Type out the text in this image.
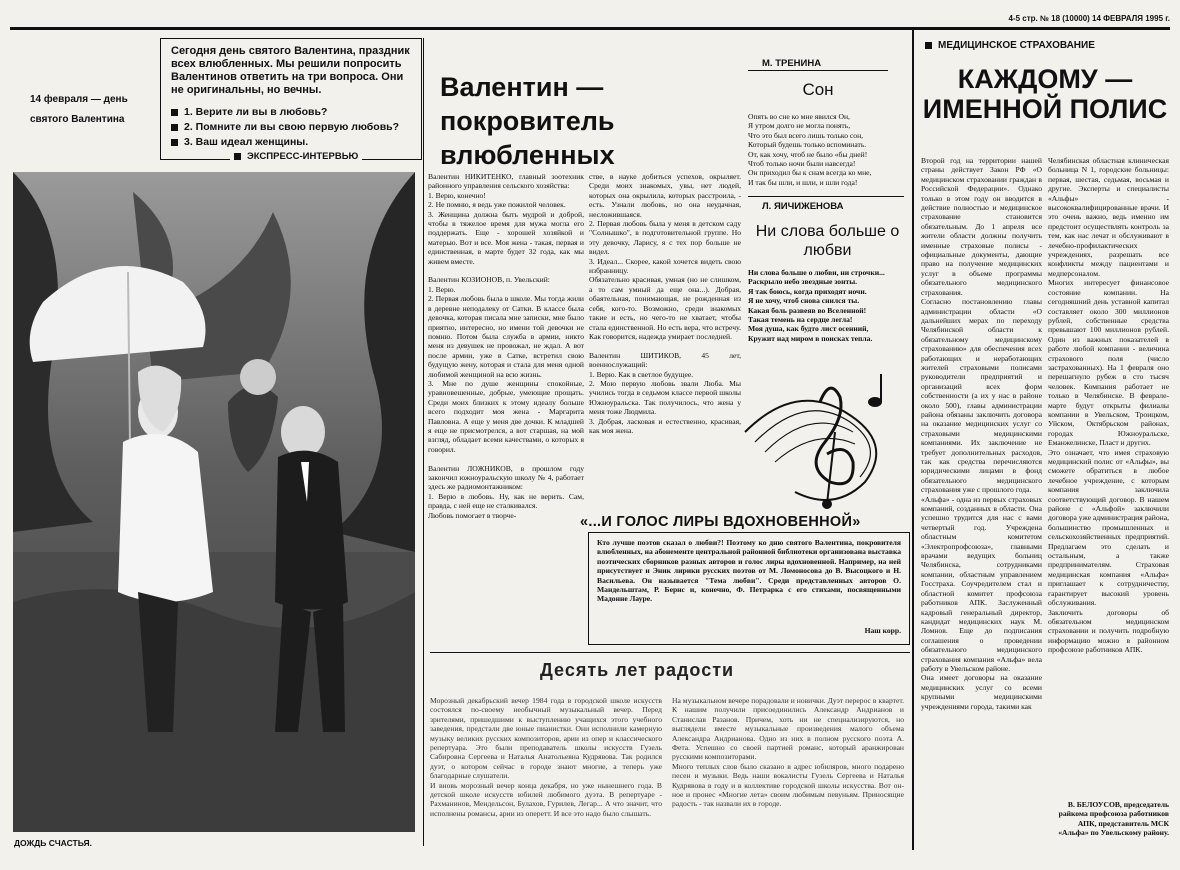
4-5 стр. № 18 (10000) 14 ФЕВРАЛЯ 1995 г.
Сегодня день святого Валентина, праздник всех влюбленных. Мы решили попросить Валентинов ответить на три вопроса. Они не оригинальны, но вечны.
1. Верите ли вы в любовь?
2. Помните ли вы свою первую любовь?
3. Ваш идеал женщины.
ЭКСПРЕСС-ИНТЕРВЬЮ
14 февраля — день святого Валентина
ДОЖДЬ СЧАСТЬЯ.
Валентин — покровитель влюбленных
Валентин НИКИТЕНКО, главный зоотехник районного управления сельского хозяйства:
1. Верю, конечно!
2. Не помню, я ведь уже пожилой человек.
3. Женщина должна быть мудрой и доброй, чтобы в тяжелое время для мужа могла его поддержать. Еще - хорошей хозяйкой и матерью. Вот и все. Моя жена - такая, первая и единственная, в марте будет 32 года, как мы живем вместе.

Валентин КОЗИОНОВ, п. Увельский:
1. Верю.
2. Первая любовь была в школе. Мы тогда жили в деревне неподалеку от Сатки. В классе была девочка, которая писала мне записки, мне было приятно, интересно, но имени той девочки не помню. Потом была служба в армии, никто меня из девушек не провожал, не ждал. А вот после армии, уже в Сатке, встретил свою будущую жену, которая и стала для меня одной любимой женщиной на всю жизнь.
3. Мне по душе женщины спокойные, уравновешенные, добрые, умеющие прощать. Среди моих близких к этому идеалу больше всего подходит моя жена - Маргарита Павловна. А еще у меня две дочки. К младшей я еще не присмотрелся, а вот старшая, на мой взгляд, обладает всеми качествами, о которых я говорил.

Валентин ЛОЖНИКОВ, в прошлом году закончил южноуральскую школу № 4, работает здесь же радиомонтажником:
1. Верю в любовь. Ну, как не верить. Сам, правда, с ней еще не сталкивался.
Любовь помогает в творче-
стве, в науке добиться успехов, окрыляет. Среди моих знакомых, увы, нет людей, которых она окрылила, которых расстроила, - есть. Узнали любовь, но она неудачная, несложившаяся.
2. Первая любовь была у меня в детском саду "Солнышко", в подготовительной группе. Но эту девочку, Ларису, я с тех пор больше не видел.
3. Идеал... Скорее, какой хочется видеть свою избранницу.
Обязательно красивая, умная (но не слишком, а то сам умный да еще она...). Добрая, обаятельная, понимающая, не рожденная из себя, кого-то. Возможно, среди знакомых такие и есть, но чего-то не хватает, чтобы стала единственной. Но есть вера, что встречу. Как говорится, надежда умирает последней.

Валентин ШИТИКОВ, 45 лет, военнослужащий:
1. Верю. Как в светлое будущее.
2. Мою первую любовь звали Люба. Мы учились тогда в седьмом классе первой школы Южноуральска. Так получилось, что жена у меня тоже Людмила.
3. Добрая, ласковая и естественно, красивая, как моя жена.
М. ТРЕНИНА
Сон
Опять во сне ко мне явился Он,
Я утром долго не могла понять,
Что это был всего лишь только сон,
Который будешь только вспоминать.
От, как хочу, чтоб не было «бы дней!
Чтоб только ночи были навсегда!
Он приходил бы к снам всегда ко мне,
И так бы шли, и шли, и шли года!
Л. ЯИЧИЖЕНОВА
Ни слова больше о любви
Ни слова больше о любви, ни строчки...
Раскрыло небо звездные зонты.
Я так боюсь, когда приходят ночи.
Я не хочу, чтоб снова снился ты.
Какая боль развеяв во Вселенной!
Такая темень на сердце легла!
Моя душа, как будто лист осенний,
Кружит над миром в поисках тепла.
«...И ГОЛОС ЛИРЫ ВДОХНОВЕННОЙ»
Кто лучше поэтов сказал о любви?! Поэтому ко дню святого Валентина, покровителя влюбленных, на абонементе центральной районной библиотеки организована выставка поэтических сборников разных авторов и голос лиры вдохновенной. Например, на ней присутствует и Эник лирики русских поэтов от М. Ломоносова до В. Высоцкого и Н. Васильева. Он называется "Тема любви". Среди представленных авторов О. Мандельштам, Р. Бернс и, конечно, Ф. Петрарка с его стихами, посвященными Мадонне Лауре.
Наш корр.
Десять лет радости
Морозный декабрьский вечер 1984 года в городской школе искусств состоялся по-своему необычный музыкальный вечер. Перед зрителями, пришедшими к выступлению учащихся этого учебного заведения, предстали две юные пианистки. Они исполнили камерную музыку великих русских композиторов, арии из опер и классического репертуара. Это были преподаватель школы искусств Гузель Сабировна Сергеева и Наталья Анатольевна Кудрявова. Так родился дуэт, о котором сейчас в городе знают многие, а теперь уже благодарные слушатели.
И вновь морозный вечер конца декабря, но уже нынешнего года. В детской школе искусств юбилей любимого дуэта. В репертуаре - Рахманинов, Мендельсон, Булахов, Гурилев, Легар... А что значит, что исполнены романсы, арии из оперетт. И все это надо было слышать.
На музыкальном вечере порадовали и новички. Дуэт перерос в квартет. К нашим получили присоединились Александр Андрианов и Станислав Разанов. Причем, хоть ни не специализируются, но выглядели вместе музыкальные произведения малого объема Александра Андрианова. Одно из них в полном русского поэта А. Фета. Успешно со своей партией романс, который аранжирован русскими композиторами.
Много теплых слов было сказано в адрес юбиляров, много подарено песен и музыки. Ведь наши вокалисты Гузель Сергеева и Наталья Кудрявова в году и в коллективе городской школы искусства. Вот он-ное и пронес «Многие лета» своим любимым певуньям. Приносящие радость - так назвали их в городе.
МЕДИЦИНСКОЕ СТРАХОВАНИЕ
КАЖДОМУ — ИМЕННОЙ ПОЛИС
Второй год на территории нашей страны действует Закон РФ «О медицинском страховании граждан в Российской Федерации». Однако только в этом году он вводится в действие полностью и медицинское страхование становится обязательным. До 1 апреля все жители области должны получить именные страховые полисы - официальные документы, дающие право на получение медицинских услуг в объеме программы обязательного медицинского страхования.
Согласно постановлению главы администрации области «О дальнейших мерах по переходу Челябинской области к обязательному медицинскому страхованию» для обеспечения всех работающих и неработающих жителей страховыми полисами руководители предприятий и организаций всех форм собственности (а их у нас в районе около 500), главы администрации района обязаны заключить договора на оказание медицинских услуг со страховыми медицинскими компаниями. Их заключение не требует дополнительных расходов, так как средства перечисляются юридическими лицами в фонд обязательного медицинского страхования уже с прошлого года.
«Альфа» - одна из первых страховых компаний, созданных в области. Она успешно трудится для нас с вами четвертый год. Учреждена областным комитетом «Электропрофсоюза», главными врачами ведущих больниц Челябинска, сотрудниками компании, областным управлением Госстраха. Соучредителем стал и областной комитет профсоюза работников АПК. Заслуженный кадровый генеральный директор, кандидат медицинских наук М. Ломнов. Еще до подписания соглашения о проведении обязательного медицинского страхования компания «Альфа» вела работу в Увельском районе.
Она имеет договоры на оказание медицинских услуг со всеми крупными медицинскими учреждениями города, такими как
Челябинская областная клиническая больница N 1, городские больницы: первая, шестая, седьмая, восьмая и другие. Эксперты и специалисты «Альфы» - высококвалифицированные врачи. И это очень важно, ведь именно им предстоит осуществлять контроль за тем, как нас лечат и обслуживают в лечебно-профилактических учреждениях, разрешать все конфликты между пациентами и медперсоналом.
Многих интересует финансовое состояние компании. На сегодняшний день уставной капитал составляет около 300 миллионов рублей, собственные средства превышают 100 миллионов рублей. Один из важных показателей в работе любой компании - величина страхового поля (число застрахованных). На 1 февраля оно перешагнуло рубеж в сто тысяч человек. Компания работает не только в Челябинске. В феврале-марте будут открыты филиалы компании в Увельском, Троицком, Уйском, Октябрьском районах, городах Южноуральске, Еманжелинске, Пласт и других.
Это означает, что имея страховую медицинский полис от «Альфы», вы сможете обратиться в любое лечебное учреждение, с которым компания заключила соответствующий договор. В нашем районе с «Альфой» заключили договора уже администрация района, большинство промышленных и сельскохозяйственных предприятий. Предлагаем это сделать и остальным, а также предпринимателям. Страховая медицинская компания «Альфа» приглашает к сотрудничеству, гарантирует высокий уровень обслуживания.
Заключить договоры об обязательном медицинском страховании и получить подробную информацию можно в районном профсоюзе работников АПК.
В. БЕЛОУСОВ, председатель райкома профсоюза работников АПК, представитель МСК «Альфа» по Увельскому району.
